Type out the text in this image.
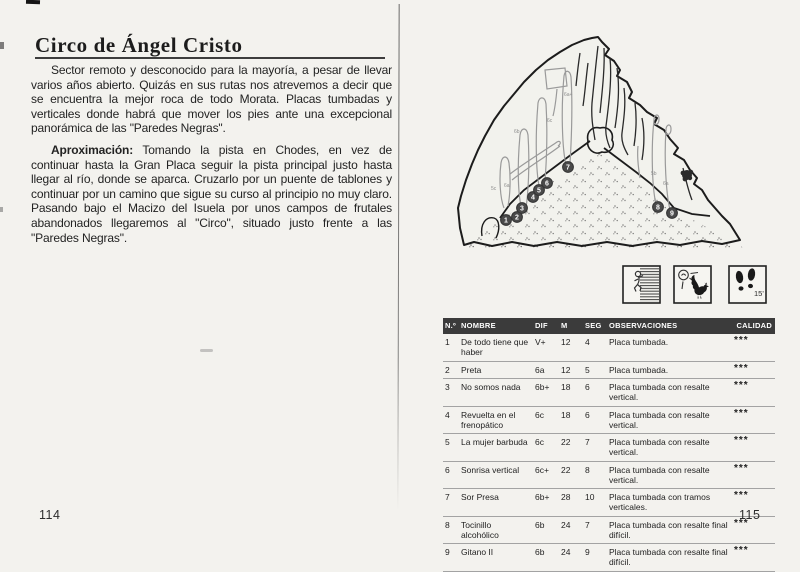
Circo de Ángel Cristo

Sector remoto y desconocido para la mayoría, a pesar de llevar varios años abierto. Quizás en sus rutas nos atrevemos a decir que se encuentra la mejor roca de todo Morata. Placas tumbadas y verticales donde habrá que mover los pies ante una excepcional panorámica de las "Paredes Negras".

Aproximación: Tomando la pista en Chodes, en vez de continuar hasta la Gran Placa seguir la pista principal justo hasta llegar al río, donde se aparca. Cruzarlo por un puente de tablones y continuar por un camino que sigue su curso al principio no muy claro. Pasando bajo el Macizo del Isuela por unos campos de frutales abandonados llegaremos al "Circo", situado justo frente a las "Paredes Negras".

114
5c 6a
6b
6c
6a+
5b
6a
1 2
3
4
5
6
7
8
9
15'
N.º	NOMBRE	DIF	M	SEG	OBSERVACIONES	CALIDAD
1	De todo tiene que haber	V+	12	4	Placa tumbada.	***
2	Preta	6a	12	5	Placa tumbada.	***
3	No somos nada	6b+	18	6	Placa tumbada con resalte vertical.	***
4	Revuelta en el frenopático	6c	18	6	Placa tumbada con resalte vertical.	***
5	La mujer barbuda	6c	22	7	Placa tumbada con resalte vertical.	***
6	Sonrisa vertical	6c+	22	8	Placa tumbada con resalte vertical.	***
7	Sor Presa	6b+	28	10	Placa tumbada con tramos verticales.	***
8	Tocinillo alcohólico	6b	24	7	Placa tumbada con resalte final difícil.	***
9	Gitano II	6b	24	9	Placa tumbada con resalte final difícil.	***
115
